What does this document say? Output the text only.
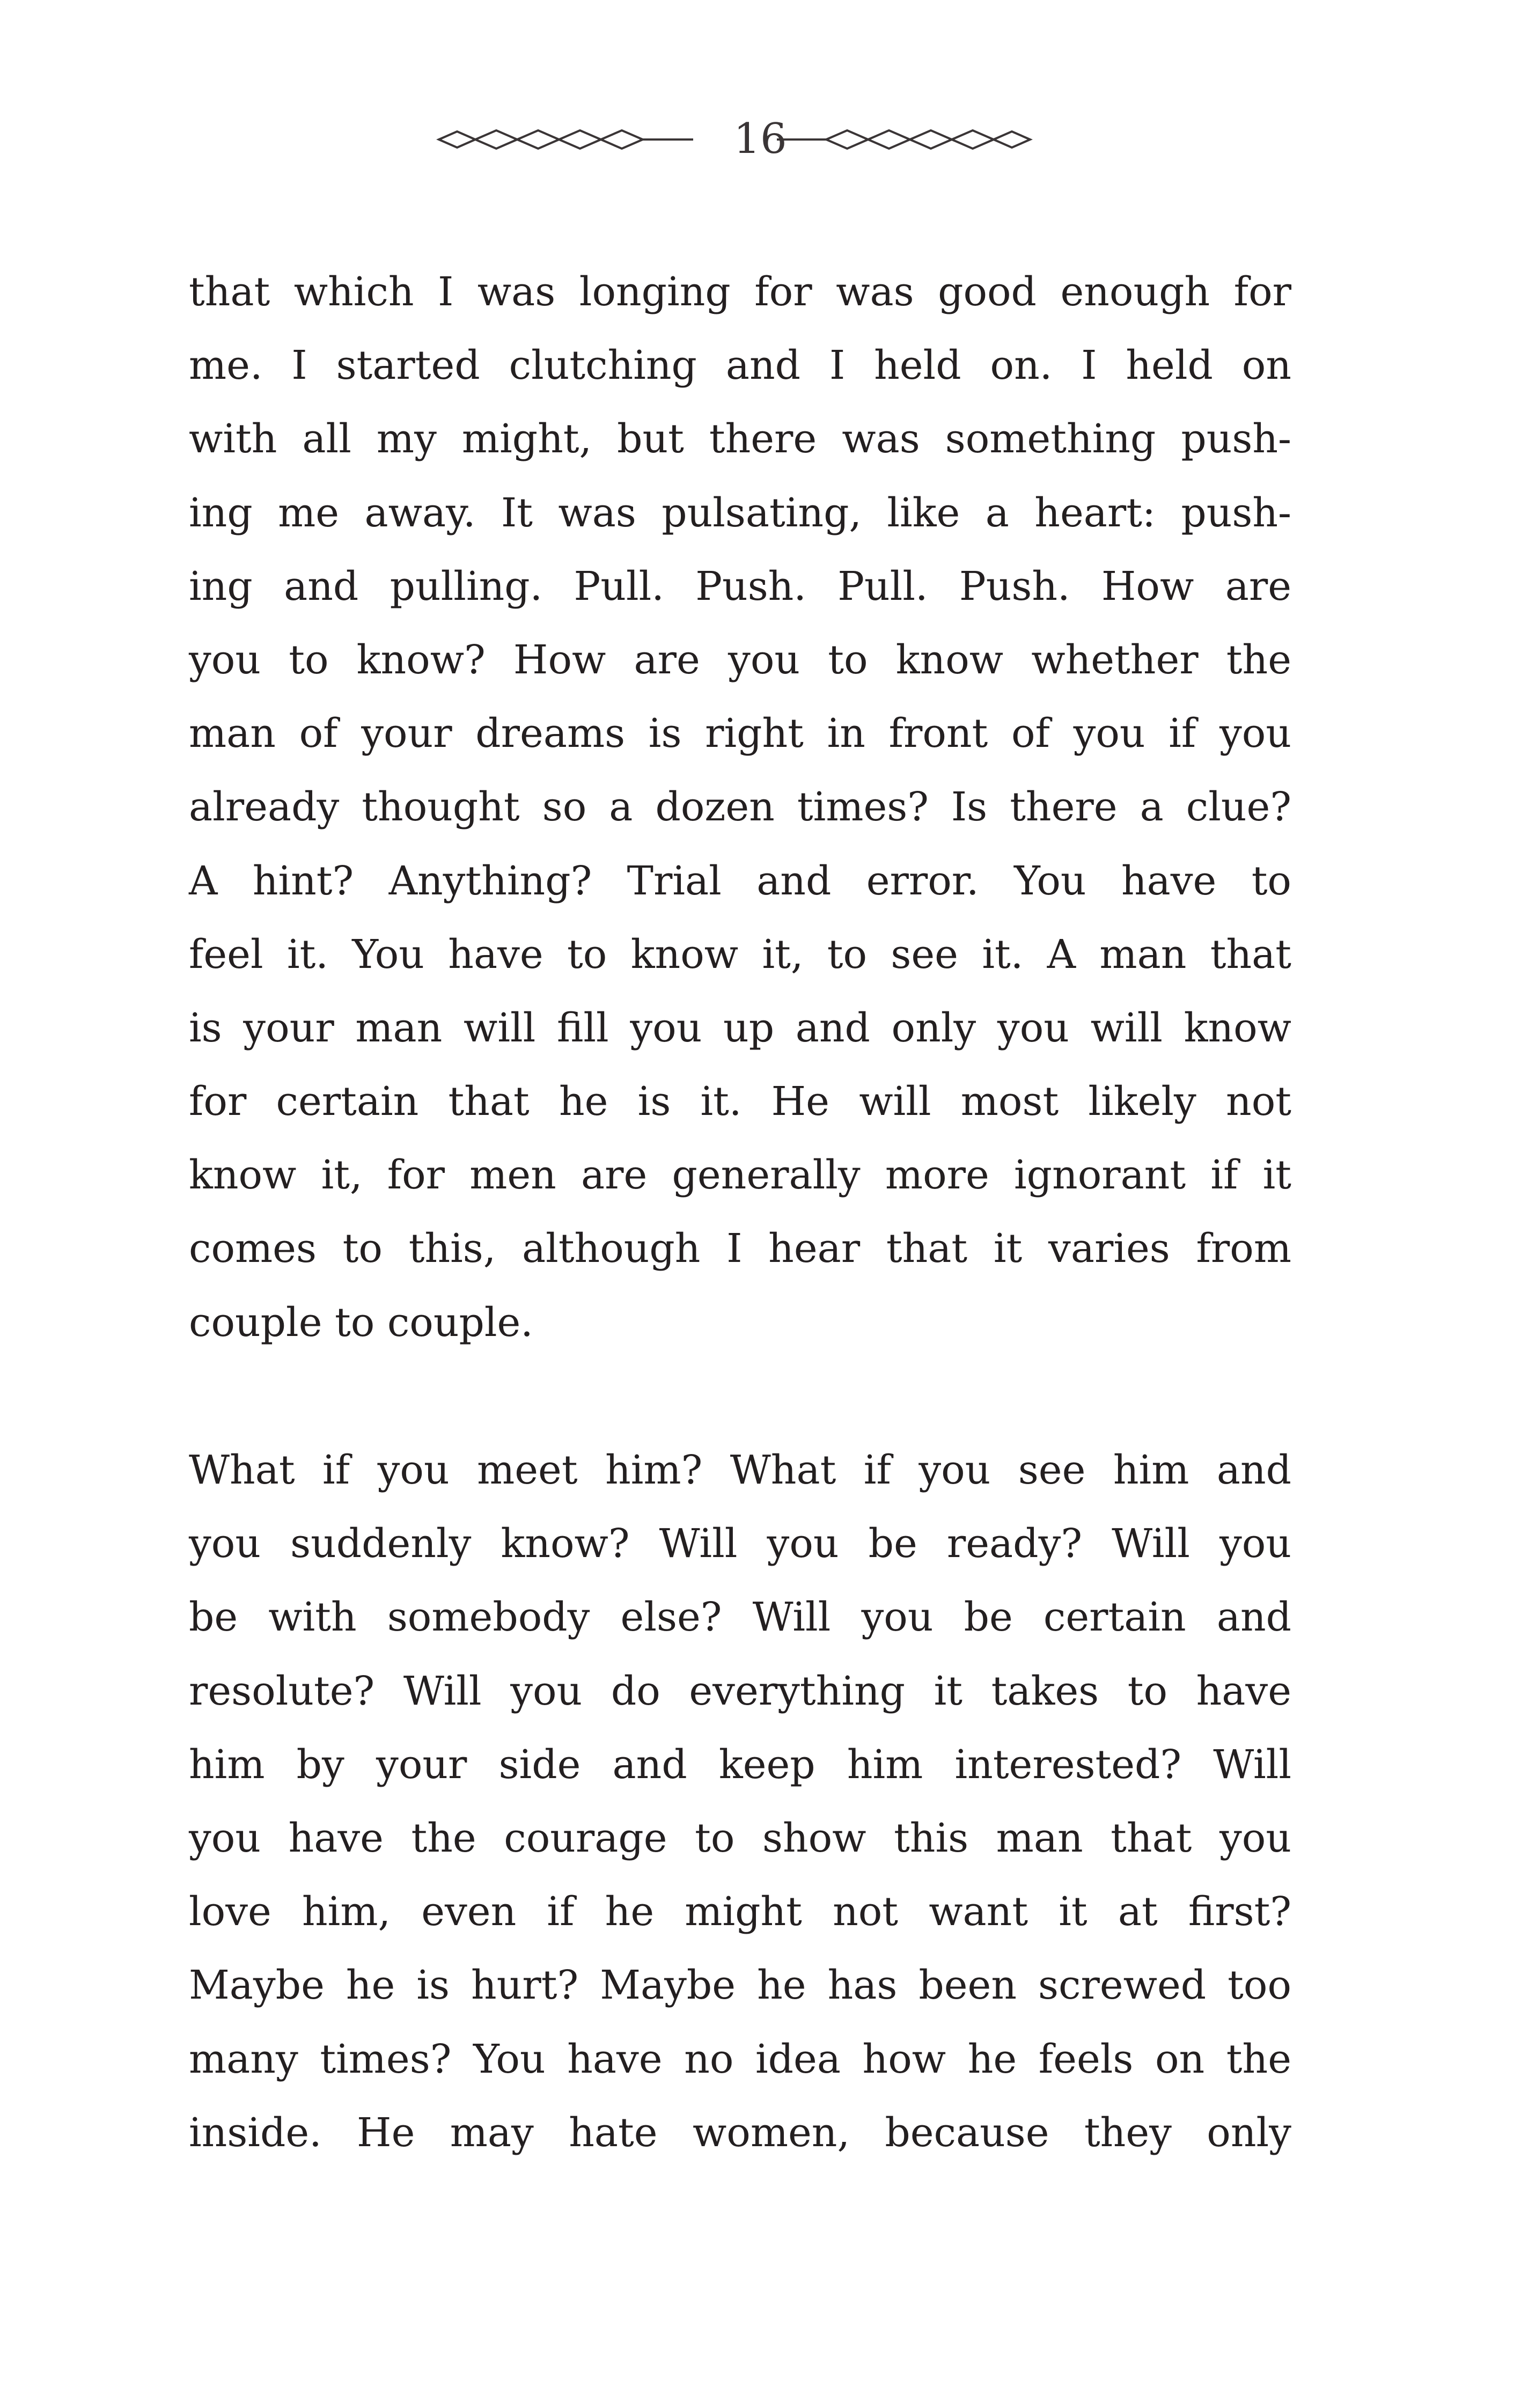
16
that which I was longing for was good enough for
me. I started clutching and I held on. I held on
with all my might, but there was something push-
ing me away. It was pulsating, like a heart: push-
ing and pulling. Pull. Push. Pull. Push. How are
you to know? How are you to know whether the
man of your dreams is right in front of you if you
already thought so a dozen times? Is there a clue?
A hint? Anything? Trial and error. You have to
feel it. You have to know it, to see it. A man that
is your man will fill you up and only you will know
for certain that he is it. He will most likely not
know it, for men are generally more ignorant if it
comes to this, although I hear that it varies from
couple to couple.
What if you meet him? What if you see him and
you suddenly know? Will you be ready? Will you
be with somebody else? Will you be certain and
resolute? Will you do everything it takes to have
him by your side and keep him interested? Will
you have the courage to show this man that you
love him, even if he might not want it at first?
Maybe he is hurt? Maybe he has been screwed too
many times? You have no idea how he feels on the
inside. He may hate women, because they only
